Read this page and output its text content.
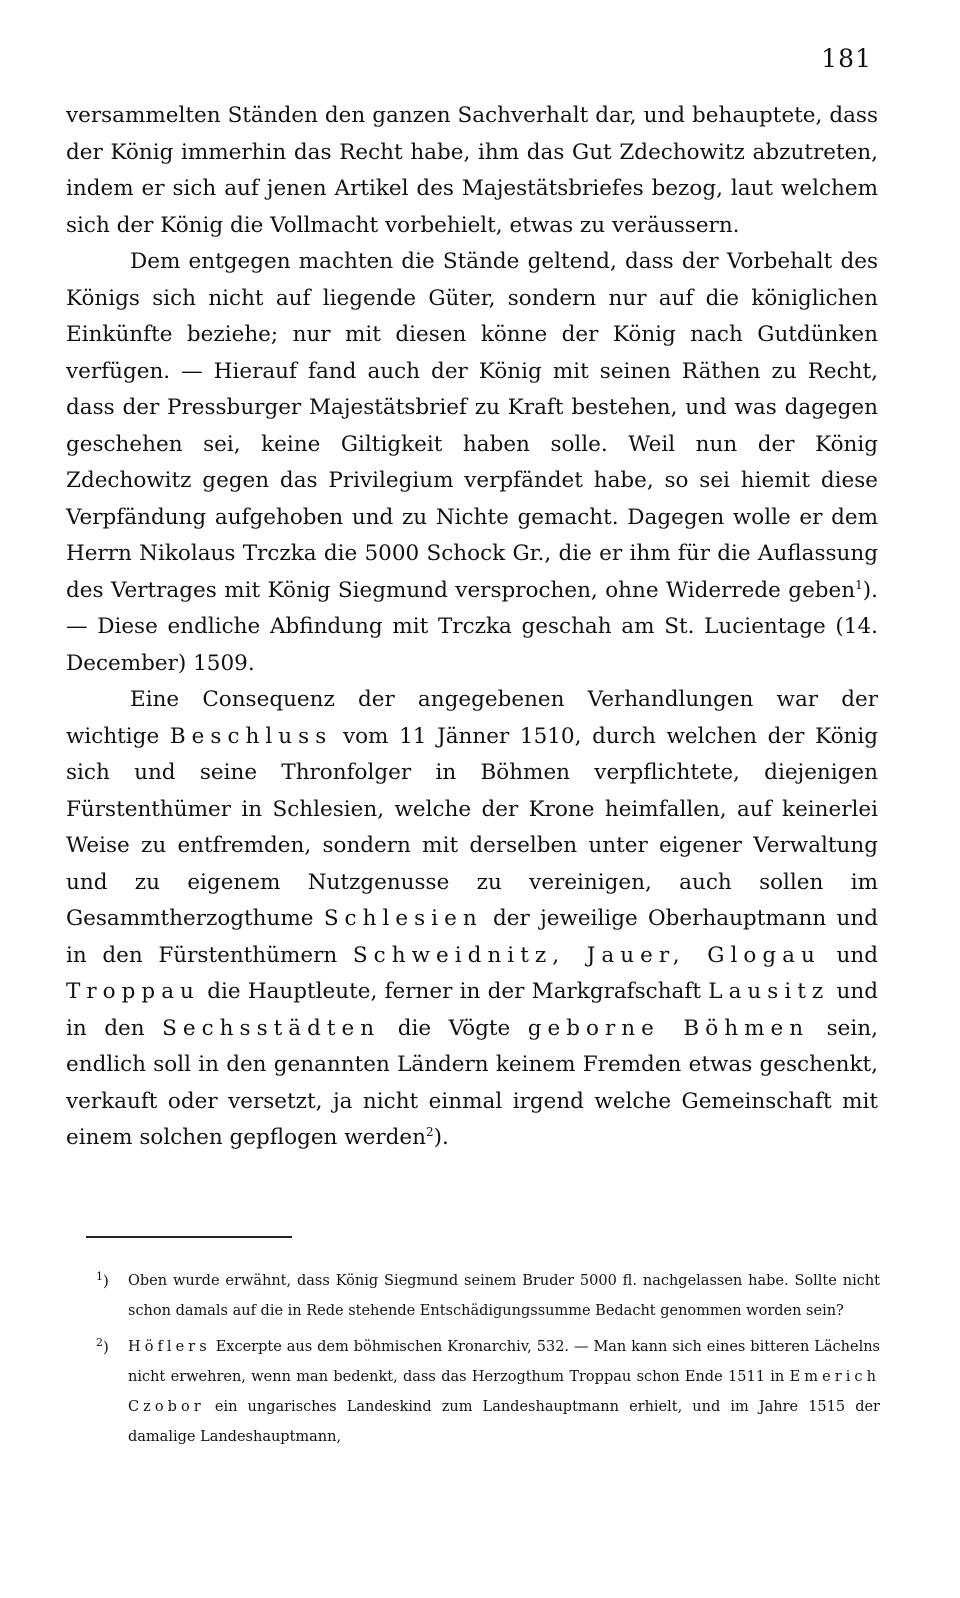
181

versammelten Ständen den ganzen Sachverhalt dar, und behauptete, dass der König immerhin das Recht habe, ihm das Gut Zdechowitz abzutreten, indem er sich auf jenen Artikel des Majestätsbriefes bezog, laut welchem sich der König die Vollmacht vorbehielt, etwas zu veräussern.

Dem entgegen machten die Stände geltend, dass der Vorbehalt des Königs sich nicht auf liegende Güter, sondern nur auf die königlichen Einkünfte beziehe; nur mit diesen könne der König nach Gutdünken verfügen. — Hierauf fand auch der König mit seinen Räthen zu Recht, dass der Pressburger Majestätsbrief zu Kraft bestehen, und was dagegen geschehen sei, keine Giltigkeit haben solle. Weil nun der König Zdechowitz gegen das Privilegium verpfändet habe, so sei hiemit diese Verpfändung aufgehoben und zu Nichte gemacht. Dagegen wolle er dem Herrn Nikolaus Trczka die 5000 Schock Gr., die er ihm für die Auflassung des Vertrages mit König Siegmund versprochen, ohne Widerrede geben$^1$). — Diese endliche Abfindung mit Trczka geschah am St. Lucientage (14. December) 1509.

Eine Consequenz der angegebenen Verhandlungen war der wichtige Beschluss vom 11 Jänner 1510, durch welchen der König sich und seine Thronfolger in Böhmen verpflichtete, diejenigen Fürstenthümer in Schlesien, welche der Krone heimfallen, auf keinerlei Weise zu entfremden, sondern mit derselben unter eigener Verwaltung und zu eigenem Nutzgenusse zu vereinigen, auch sollen im Gesammtherzogthume Schlesien der jeweilige Oberhauptmann und in den Fürstenthümern Schweidnitz, Jauer, Glogau und Troppau die Hauptleute, ferner in der Markgrafschaft Lausitz und in den Sechsstädten die Vögte geborne Böhmen sein, endlich soll in den genannten Ländern keinem Fremden etwas geschenkt, verkauft oder versetzt, ja nicht einmal irgend welche Gemeinschaft mit einem solchen gepflogen werden$^2$).

$^1$) Oben wurde erwähnt, dass König Siegmund seinem Bruder 5000 fl. nachgelassen habe. Sollte nicht schon damals auf die in Rede stehende Entschädigungssumme Bedacht genommen worden sein?
$^2$) Höflers Excerpte aus dem böhmischen Kronarchiv, 532. — Man kann sich eines bitteren Lächelns nicht erwehren, wenn man bedenkt, dass das Herzogthum Troppau schon Ende 1511 in Emerich Czobor ein ungarisches Landeskind zum Landeshauptmann erhielt, und im Jahre 1515 der damalige Landeshauptmann,
